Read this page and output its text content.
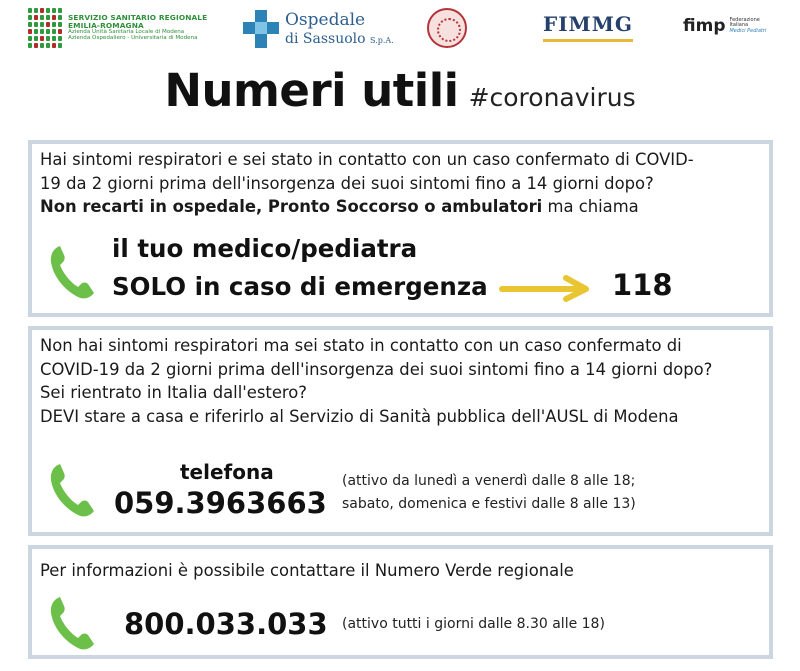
SERVIZIO SANITARIO REGIONALE
EMILIA-ROMAGNA
Azienda Unità Sanitaria Locale di Modena
Azienda Ospedaliero - Universitaria di Modena
Ospedale
di Sassuolo S.p.A.
FIMMG	fimp Federazione
Italiana
Medici Pediatri
Numeri utili #coronavirus
Hai sintomi respiratori e sei stato in contatto con un caso confermato di COVID-
19 da 2 giorni prima dell'insorgenza dei suoi sintomi fino a 14 giorni dopo?
Non recarti in ospedale, Pronto Soccorso o ambulatori ma chiama
il tuo medico/pediatra
SOLO in caso di emergenza	118
Non hai sintomi respiratori ma sei stato in contatto con un caso confermato di
COVID-19 da 2 giorni prima dell'insorgenza dei suoi sintomi fino a 14 giorni dopo?
Sei rientrato in Italia dall'estero?
DEVI stare a casa e riferirlo al Servizio di Sanità pubblica dell'AUSL di Modena
telefona
059.3963663
(attivo da lunedì a venerdì dalle 8 alle 18;
sabato, domenica e festivi dalle 8 alle 13)
Per informazioni è possibile contattare il Numero Verde regionale
800.033.033 (attivo tutti i giorni dalle 8.30 alle 18)
